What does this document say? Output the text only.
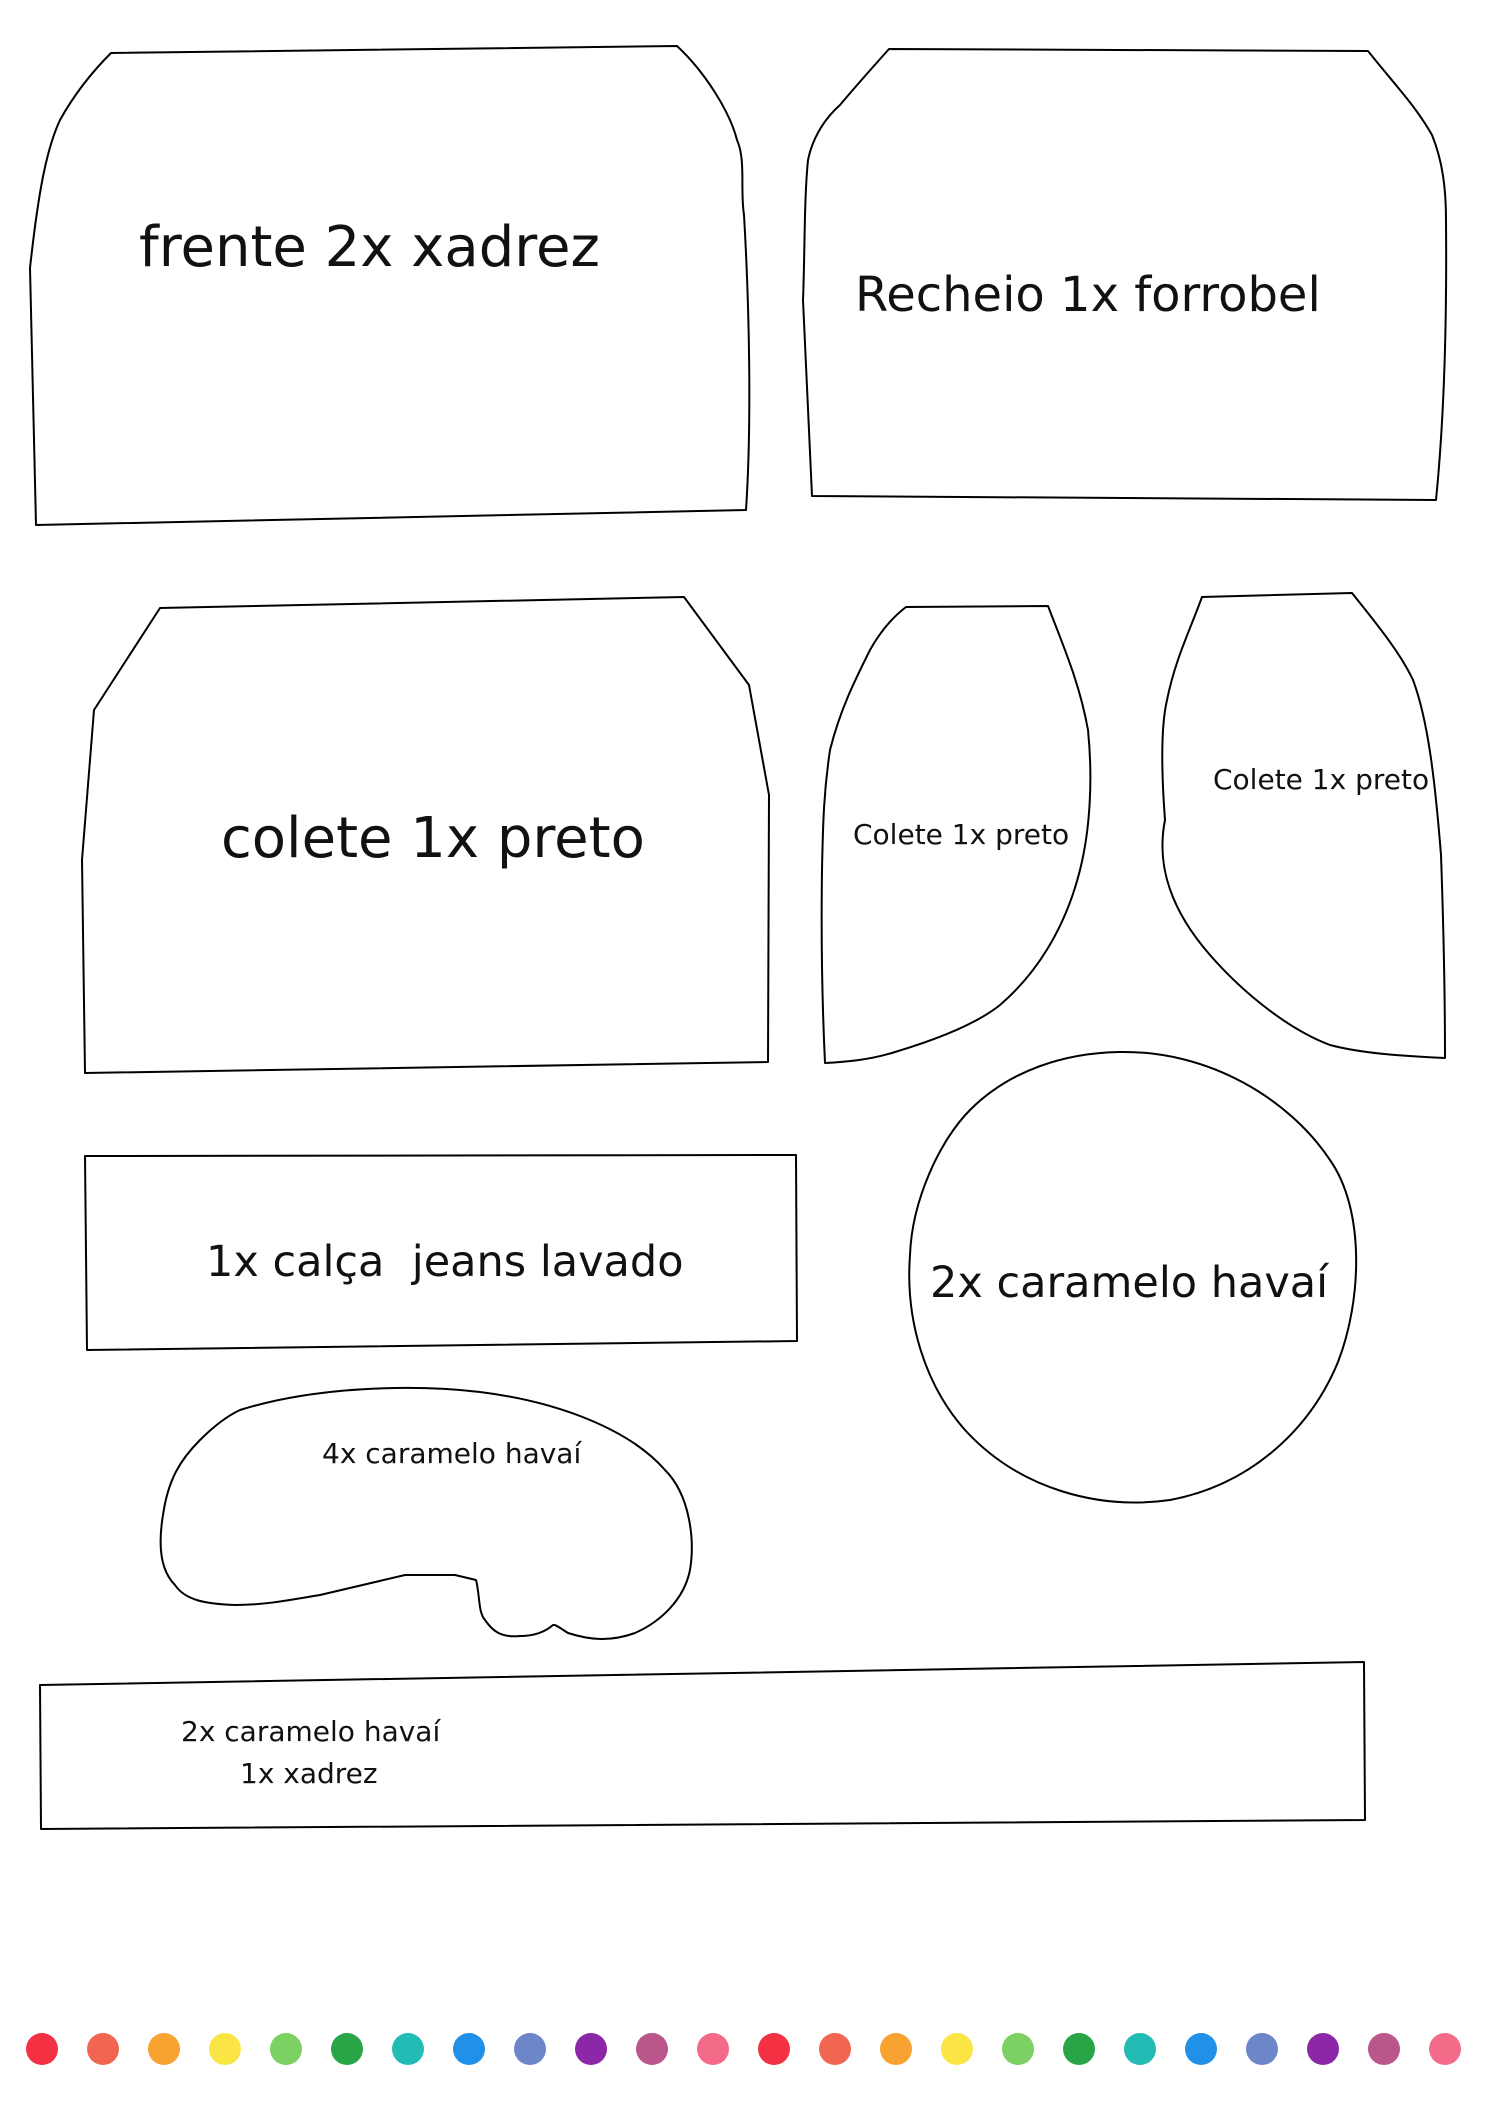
frente 2x xadrez
Recheio 1x forrobel
colete 1x preto	Colete 1x preto
Colete 1x preto
1x calça  jeans lavado	2x caramelo havaí
4x caramelo havaí
2x caramelo havaí
1x xadrez
